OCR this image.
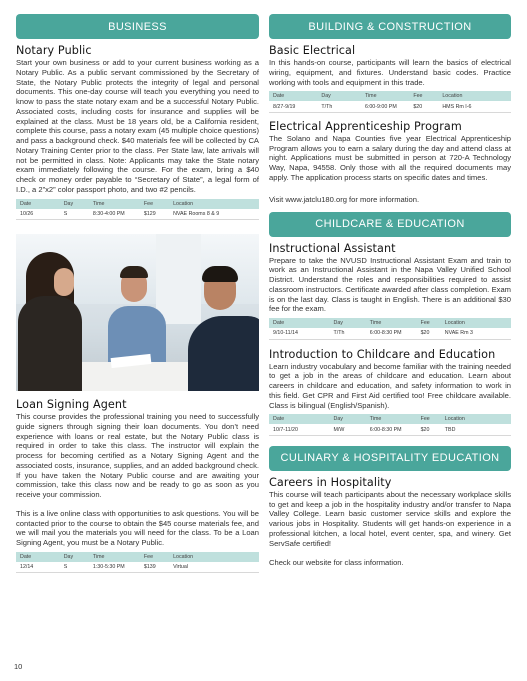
BUSINESS
Notary Public

Start your own business or add to your current business working as a Notary Public. As a public servant commissioned by the Secretary of State, the Notary Public protects the integrity of legal and personal documents. This one-day course will teach you everything you need to know to pass the state notary exam and be a successful Notary Public. Associated costs, including costs for insurance and supplies will be explained at the class. Must be 18 years old, be a California resident, complete this course, pass a notary exam (45 multiple choice questions) and pass a background check. $40 materials fee will be collected by CA Notary Training Center prior to the class. Per State law, late arrivals will not be permitted in class. Note: Applicants may take the State notary exam immediately following the course. For the exam, bring a $40 check or money order payable to “Secretary of State”, a legal form of I.D., a 2”x2” color passport photo, and two #2 pencils.

Date	Day	Time	Fee	Location
10/26	S	8:30-4:00 PM	$129	NVAE Rooms 8 & 9
Loan Signing Agent

This course provides the professional training you need to successfully guide signers through signing their loan documents. You don’t need experience with loans or real estate, but the Notary Public class is required in order to take this class. The instructor will explain the process for becoming certified as a Notary Signing Agent and the associated costs, insurance, supplies, and an added background check. If you have taken the Notary Public course and are awaiting your commission, take this class now and be ready to go as soon as you receive your commission.

This is a live online class with opportunities to ask questions. You will be contacted prior to the course to obtain the $45 course materials fee, and we will mail you the materials you will need for the class. To be a Loan Signing Agent, you must be a Notary Public.

Date	Day	Time	Fee	Location
12/14	S	1:30-5:30 PM	$139	Virtual
BUILDING & CONSTRUCTION
Basic Electrical

In this hands-on course, participants will learn the basics of electrical wiring, equipment, and fixtures. Understand basic codes. Practice working with tools and equipment in this trade.

Date	Day	Time	Fee	Location
8/27-9/19	T/Th	6:00-9:00 PM	$20	HMS Rm I-6
Electrical Apprenticeship Program

The Solano and Napa Counties five year Electrical Apprenticeship Program allows you to earn a salary during the day and attend class at night. Applications must be submitted in person at 720-A Technology Way, Napa, 94558. Only those with all the required documents may apply. The application process starts on specific dates and times.

Visit www.jatclu180.org for more information.

CHILDCARE & EDUCATION
Instructional Assistant

Prepare to take the NVUSD Instructional Assistant Exam and train to work as an Instructional Assistant in the Napa Valley Unified School District. Understand the roles and responsibilities required to assist classroom instructors. Certificate awarded after class completion. Exam is on the last day. Class is taught in English. There is an additional $30 fee for the exam.

Date	Day	Time	Fee	Location
9/10-11/14	T/Th	6:00-8:30 PM	$20	NVAE Rm 3
Introduction to Childcare and Education

Learn industry vocabulary and become familiar with the training needed to get a job in the areas of childcare and education. Learn about careers in childcare and education, and safety information to work in this field. Get CPR and First Aid certified too! Free childcare available. Class is bilingual (English/Spanish).

Date	Day	Time	Fee	Location
10/7-11/20	M/W	6:00-8:30 PM	$20	TBD
CULINARY & HOSPITALITY EDUCATION
Careers in Hospitality

This course will teach participants about the necessary workplace skills to get and keep a job in the hospitality industry and/or transfer to Napa Valley College. Learn basic customer service skills and explore the various jobs in Hospitality. Students will get hands-on experience in a professional kitchen, a local hotel, event center, spa, and winery. Get ServSafe certified!

Check our website for class information.

10
